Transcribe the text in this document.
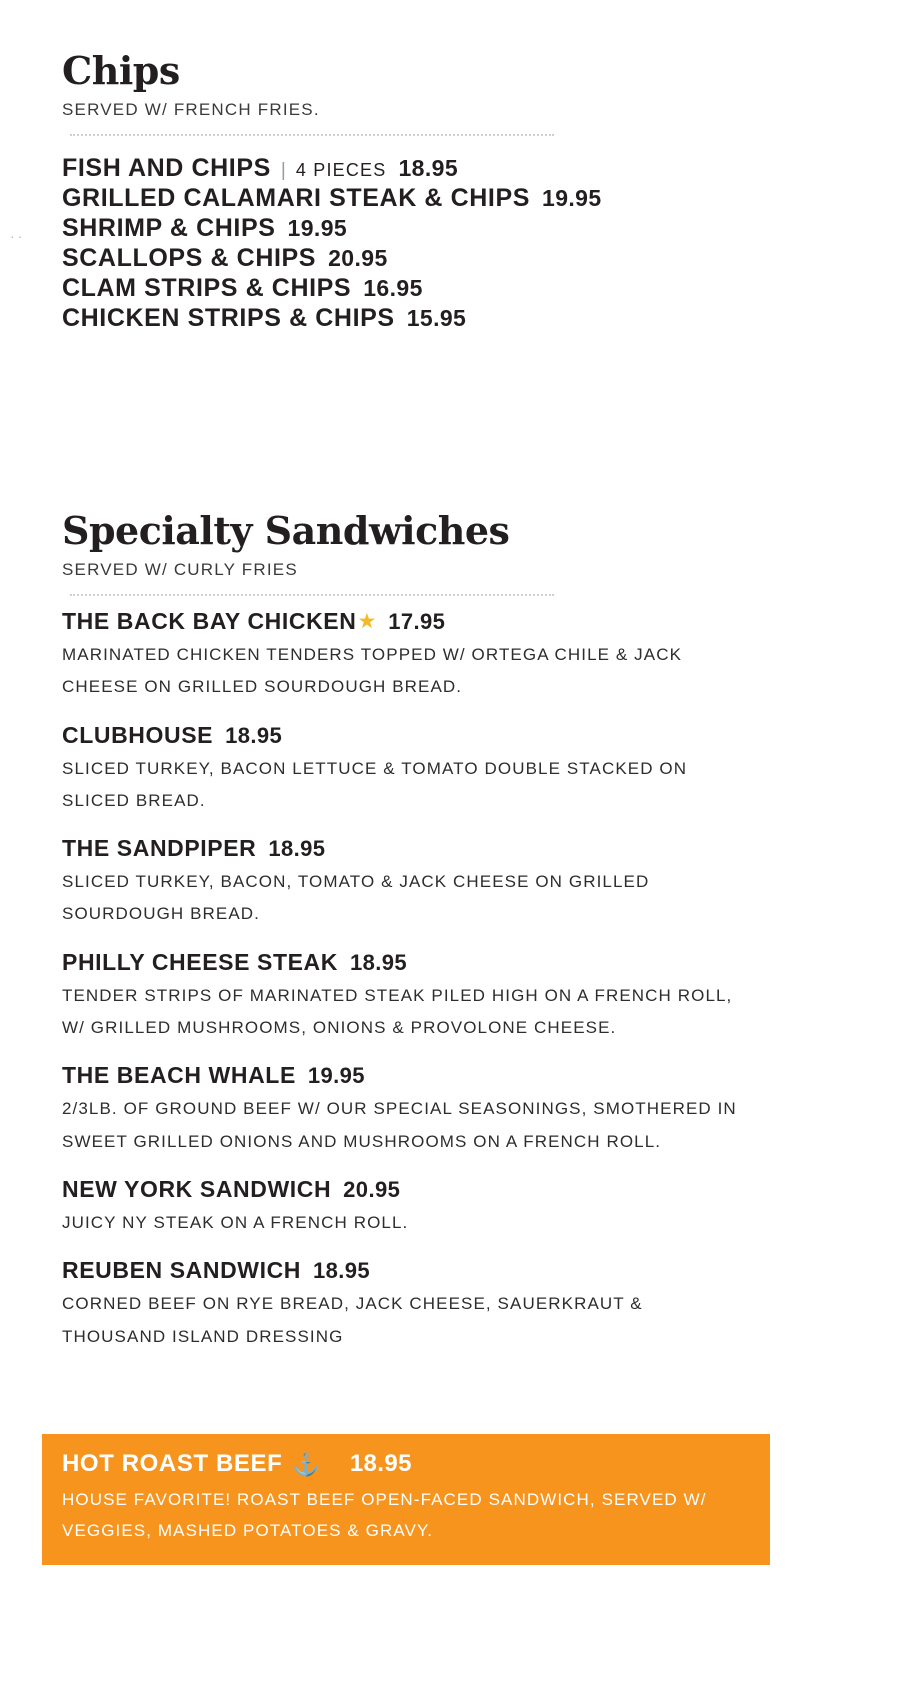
··
Chips
SERVED W/ FRENCH FRIES.
FISH AND CHIPS | 4 PIECES 18.95
GRILLED CALAMARI STEAK & CHIPS 19.95
SHRIMP & CHIPS 19.95
SCALLOPS & CHIPS 20.95
CLAM STRIPS & CHIPS 16.95
CHICKEN STRIPS & CHIPS 15.95
Specialty Sandwiches
SERVED W/ CURLY FRIES
THE BACK BAY CHICKEN ★ 17.95
MARINATED CHICKEN TENDERS TOPPED W/ ORTEGA CHILE & JACK CHEESE ON GRILLED SOURDOUGH BREAD.
CLUBHOUSE 18.95
SLICED TURKEY, BACON LETTUCE & TOMATO DOUBLE STACKED ON SLICED BREAD.
THE SANDPIPER 18.95
SLICED TURKEY, BACON, TOMATO & JACK CHEESE ON GRILLED SOURDOUGH BREAD.
PHILLY CHEESE STEAK 18.95
TENDER STRIPS OF MARINATED STEAK PILED HIGH ON A FRENCH ROLL, W/ GRILLED MUSHROOMS, ONIONS & PROVOLONE CHEESE.
THE BEACH WHALE 19.95
2/3LB. OF GROUND BEEF W/ OUR SPECIAL SEASONINGS, SMOTHERED IN SWEET GRILLED ONIONS AND MUSHROOMS ON A FRENCH ROLL.
NEW YORK SANDWICH 20.95
JUICY NY STEAK ON A FRENCH ROLL.
REUBEN SANDWICH 18.95
CORNED BEEF ON RYE BREAD, JACK CHEESE, SAUERKRAUT & THOUSAND ISLAND DRESSING
HOT ROAST BEEF ⚓ 18.95
HOUSE FAVORITE! ROAST BEEF OPEN-FACED SANDWICH, SERVED W/ VEGGIES, MASHED POTATOES & GRAVY.
